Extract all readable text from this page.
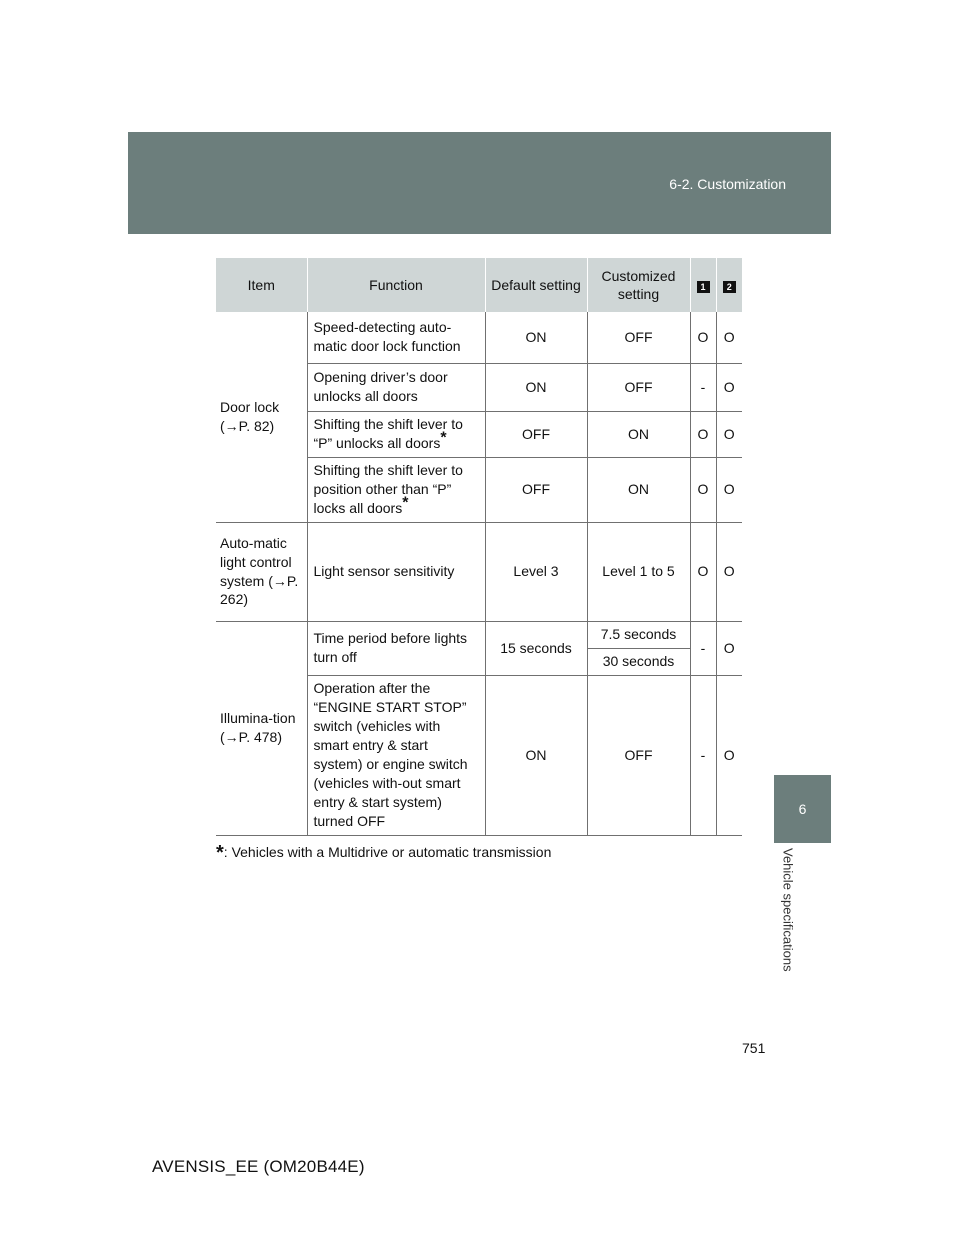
6-2. Customization
6
Vehicle specifications
Item	Function	Default setting	Customized setting	1	2
Door lock (→P. 82)	Speed-detecting auto-matic door lock function	ON	OFF	O	O
	Opening driver’s door unlocks all doors	ON	OFF	-	O
	Shifting the shift lever to “P” unlocks all doors*	OFF	ON	O	O
	Shifting the shift lever to position other than “P” locks all doors*	OFF	ON	O	O
Auto-matic light control system (→P. 262)	Light sensor sensitivity	Level 3	Level 1 to 5	O	O
Illumina-tion (→P. 478)	Time period before lights turn off	15 seconds	7.5 seconds	-	O
			30 seconds		
	Operation after the “ENGINE START STOP” switch (vehicles with smart entry & start system) or engine switch (vehicles with-out smart entry & start system) turned OFF	ON	OFF	-	O
*: Vehicles with a Multidrive or automatic transmission
751
AVENSIS_EE (OM20B44E)
